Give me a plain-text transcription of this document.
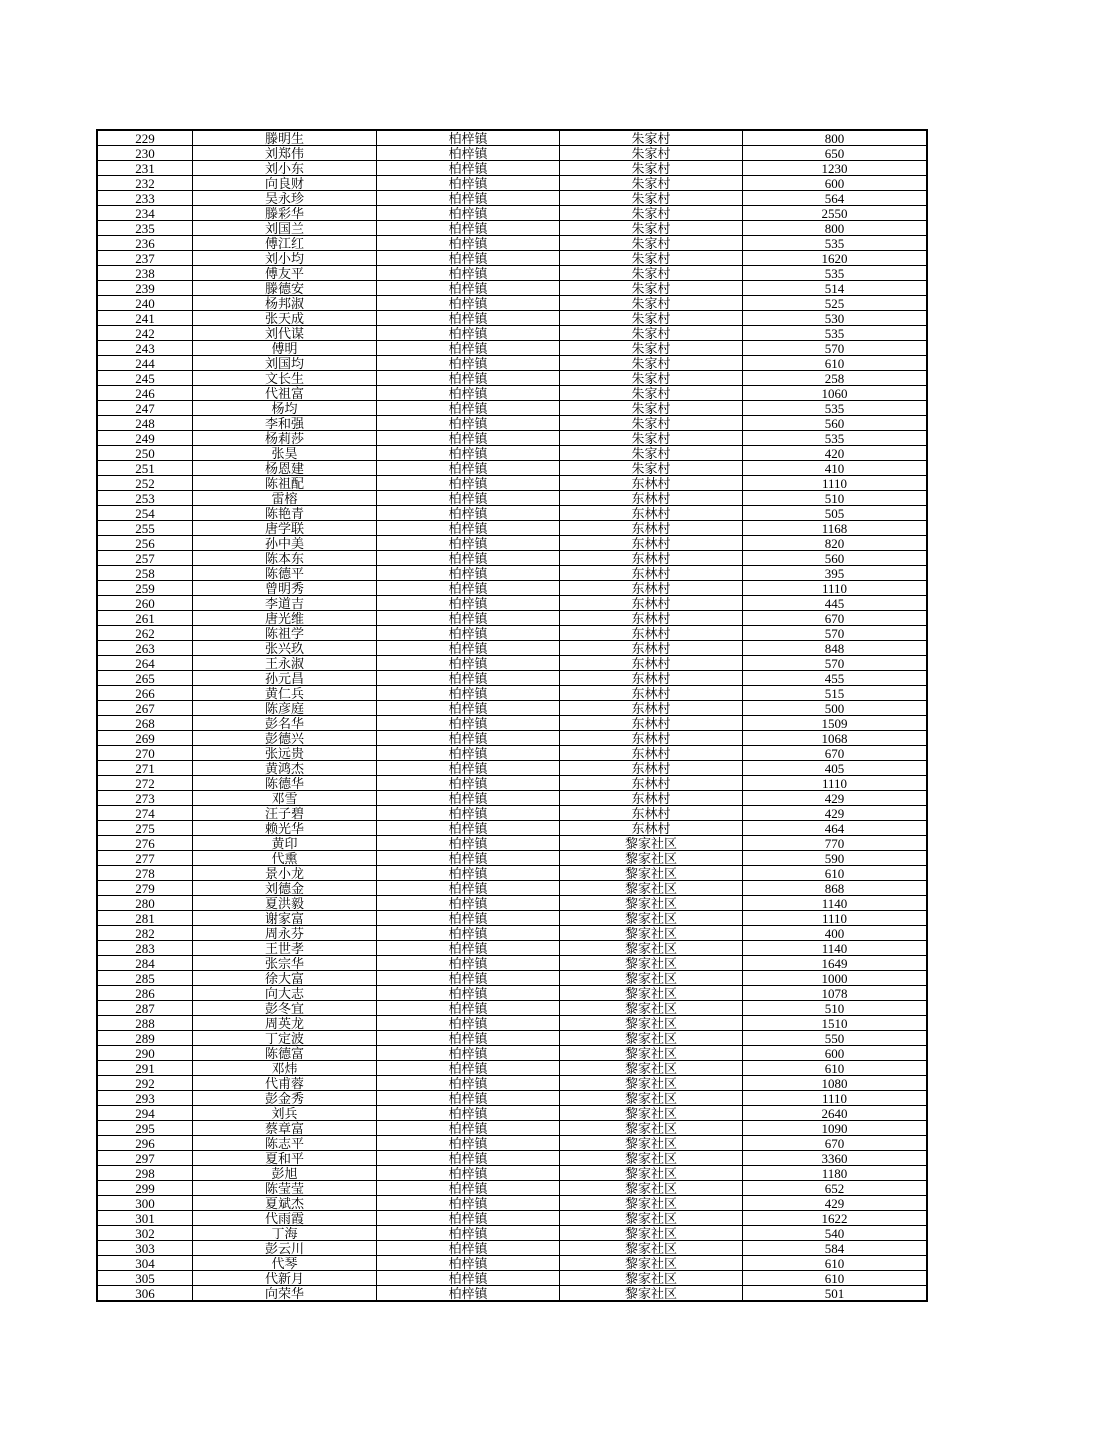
229	滕明生	柏梓镇	朱家村	800
230	刘郑伟	柏梓镇	朱家村	650
231	刘小东	柏梓镇	朱家村	1230
232	向良财	柏梓镇	朱家村	600
233	吴永珍	柏梓镇	朱家村	564
234	滕彩华	柏梓镇	朱家村	2550
235	刘国兰	柏梓镇	朱家村	800
236	傅江红	柏梓镇	朱家村	535
237	刘小均	柏梓镇	朱家村	1620
238	傅友平	柏梓镇	朱家村	535
239	滕德安	柏梓镇	朱家村	514
240	杨邦淑	柏梓镇	朱家村	525
241	张天成	柏梓镇	朱家村	530
242	刘代谋	柏梓镇	朱家村	535
243	傅明	柏梓镇	朱家村	570
244	刘国均	柏梓镇	朱家村	610
245	文长生	柏梓镇	朱家村	258
246	代祖富	柏梓镇	朱家村	1060
247	杨均	柏梓镇	朱家村	535
248	李和强	柏梓镇	朱家村	560
249	杨莉莎	柏梓镇	朱家村	535
250	张昊	柏梓镇	朱家村	420
251	杨恩建	柏梓镇	朱家村	410
252	陈祖配	柏梓镇	东林村	1110
253	雷榕	柏梓镇	东林村	510
254	陈艳青	柏梓镇	东林村	505
255	唐学联	柏梓镇	东林村	1168
256	孙中美	柏梓镇	东林村	820
257	陈本东	柏梓镇	东林村	560
258	陈德平	柏梓镇	东林村	395
259	曾明秀	柏梓镇	东林村	1110
260	李道吉	柏梓镇	东林村	445
261	唐光维	柏梓镇	东林村	670
262	陈祖学	柏梓镇	东林村	570
263	张兴玖	柏梓镇	东林村	848
264	王永淑	柏梓镇	东林村	570
265	孙元昌	柏梓镇	东林村	455
266	黄仁兵	柏梓镇	东林村	515
267	陈彦庭	柏梓镇	东林村	500
268	彭名华	柏梓镇	东林村	1509
269	彭德兴	柏梓镇	东林村	1068
270	张远贵	柏梓镇	东林村	670
271	黄鸿杰	柏梓镇	东林村	405
272	陈德华	柏梓镇	东林村	1110
273	邓雪	柏梓镇	东林村	429
274	汪子碧	柏梓镇	东林村	429
275	赖光华	柏梓镇	东林村	464
276	黄印	柏梓镇	黎家社区	770
277	代熏	柏梓镇	黎家社区	590
278	景小龙	柏梓镇	黎家社区	610
279	刘德金	柏梓镇	黎家社区	868
280	夏洪毅	柏梓镇	黎家社区	1140
281	谢家富	柏梓镇	黎家社区	1110
282	周永芬	柏梓镇	黎家社区	400
283	王世孝	柏梓镇	黎家社区	1140
284	张宗华	柏梓镇	黎家社区	1649
285	徐大富	柏梓镇	黎家社区	1000
286	向大志	柏梓镇	黎家社区	1078
287	彭冬宜	柏梓镇	黎家社区	510
288	周英龙	柏梓镇	黎家社区	1510
289	丁定波	柏梓镇	黎家社区	550
290	陈德富	柏梓镇	黎家社区	600
291	邓炜	柏梓镇	黎家社区	610
292	代甫蓉	柏梓镇	黎家社区	1080
293	彭金秀	柏梓镇	黎家社区	1110
294	刘兵	柏梓镇	黎家社区	2640
295	蔡章富	柏梓镇	黎家社区	1090
296	陈志平	柏梓镇	黎家社区	670
297	夏和平	柏梓镇	黎家社区	3360
298	彭旭	柏梓镇	黎家社区	1180
299	陈莹莹	柏梓镇	黎家社区	652
300	夏斌杰	柏梓镇	黎家社区	429
301	代雨霞	柏梓镇	黎家社区	1622
302	丁海	柏梓镇	黎家社区	540
303	彭云川	柏梓镇	黎家社区	584
304	代琴	柏梓镇	黎家社区	610
305	代新月	柏梓镇	黎家社区	610
306	向荣华	柏梓镇	黎家社区	501
